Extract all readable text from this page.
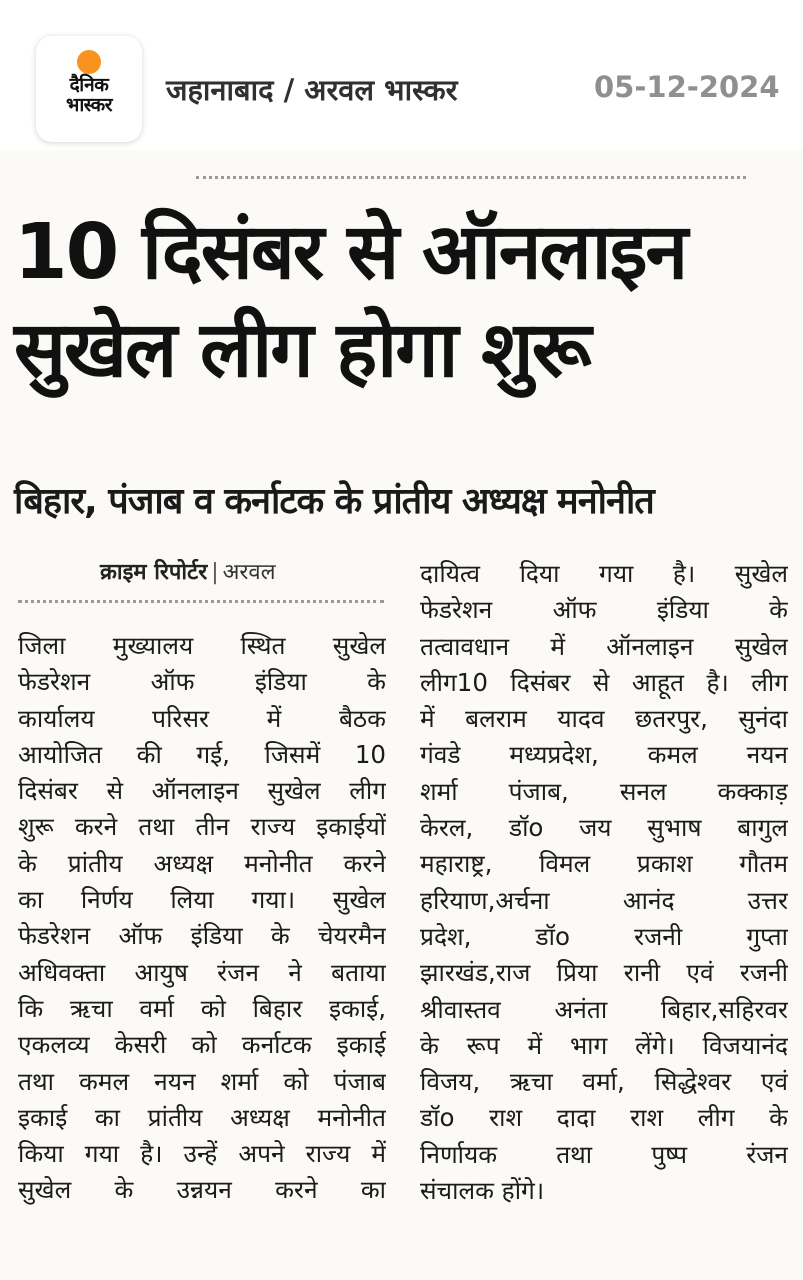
दैनिक
भास्कर जहानाबाद / अरवल भास्कर	05-12-2024
10 दिसंबर से ऑनलाइन
सुखेल लीग होगा शुरू
बिहार, पंजाब व कर्नाटक के प्रांतीय अध्यक्ष मनोनीत
क्राइम रिपोर्टर | अरवल
जिला मुख्यालय स्थित सुखेल
फेडरेशन ऑफ इंडिया के
कार्यालय परिसर में बैठक
आयोजित की गई, जिसमें 10
दिसंबर से ऑनलाइन सुखेल लीग
शुरू करने तथा तीन राज्य इकाईयों
के प्रांतीय अध्यक्ष मनोनीत करने
का निर्णय लिया गया। सुखेल
फेडरेशन ऑफ इंडिया के चेयरमैन
अधिवक्ता आयुष रंजन ने बताया
कि ऋचा वर्मा को बिहार इकाई,
एकलव्य केसरी को कर्नाटक इकाई
तथा कमल नयन शर्मा को पंजाब
इकाई का प्रांतीय अध्यक्ष मनोनीत
किया गया है। उन्हें अपने राज्य में
सुखेल के उन्नयन करने का
दायित्व दिया गया है। सुखेल
फेडरेशन ऑफ इंडिया के
तत्वावधान में ऑनलाइन सुखेल
लीग10 दिसंबर से आहूत है। लीग
में बलराम यादव छतरपुर, सुनंदा
गंवडे मध्यप्रदेश, कमल नयन
शर्मा पंजाब, सनल कक्काड़
केरल, डॉo जय सुभाष बागुल
महाराष्ट्र, विमल प्रकाश गौतम
हरियाण,अर्चना आनंद उत्तर
प्रदेश, डॉo रजनी गुप्ता
झारखंड,राज प्रिया रानी एवं रजनी
श्रीवास्तव अनंता बिहार,सहिरवर
के रूप में भाग लेंगे। विजयानंद
विजय, ऋचा वर्मा, सिद्धेश्वर एवं
डॉo राश दादा राश लीग के
निर्णायक तथा पुष्प रंजन
संचालक होंगे।
